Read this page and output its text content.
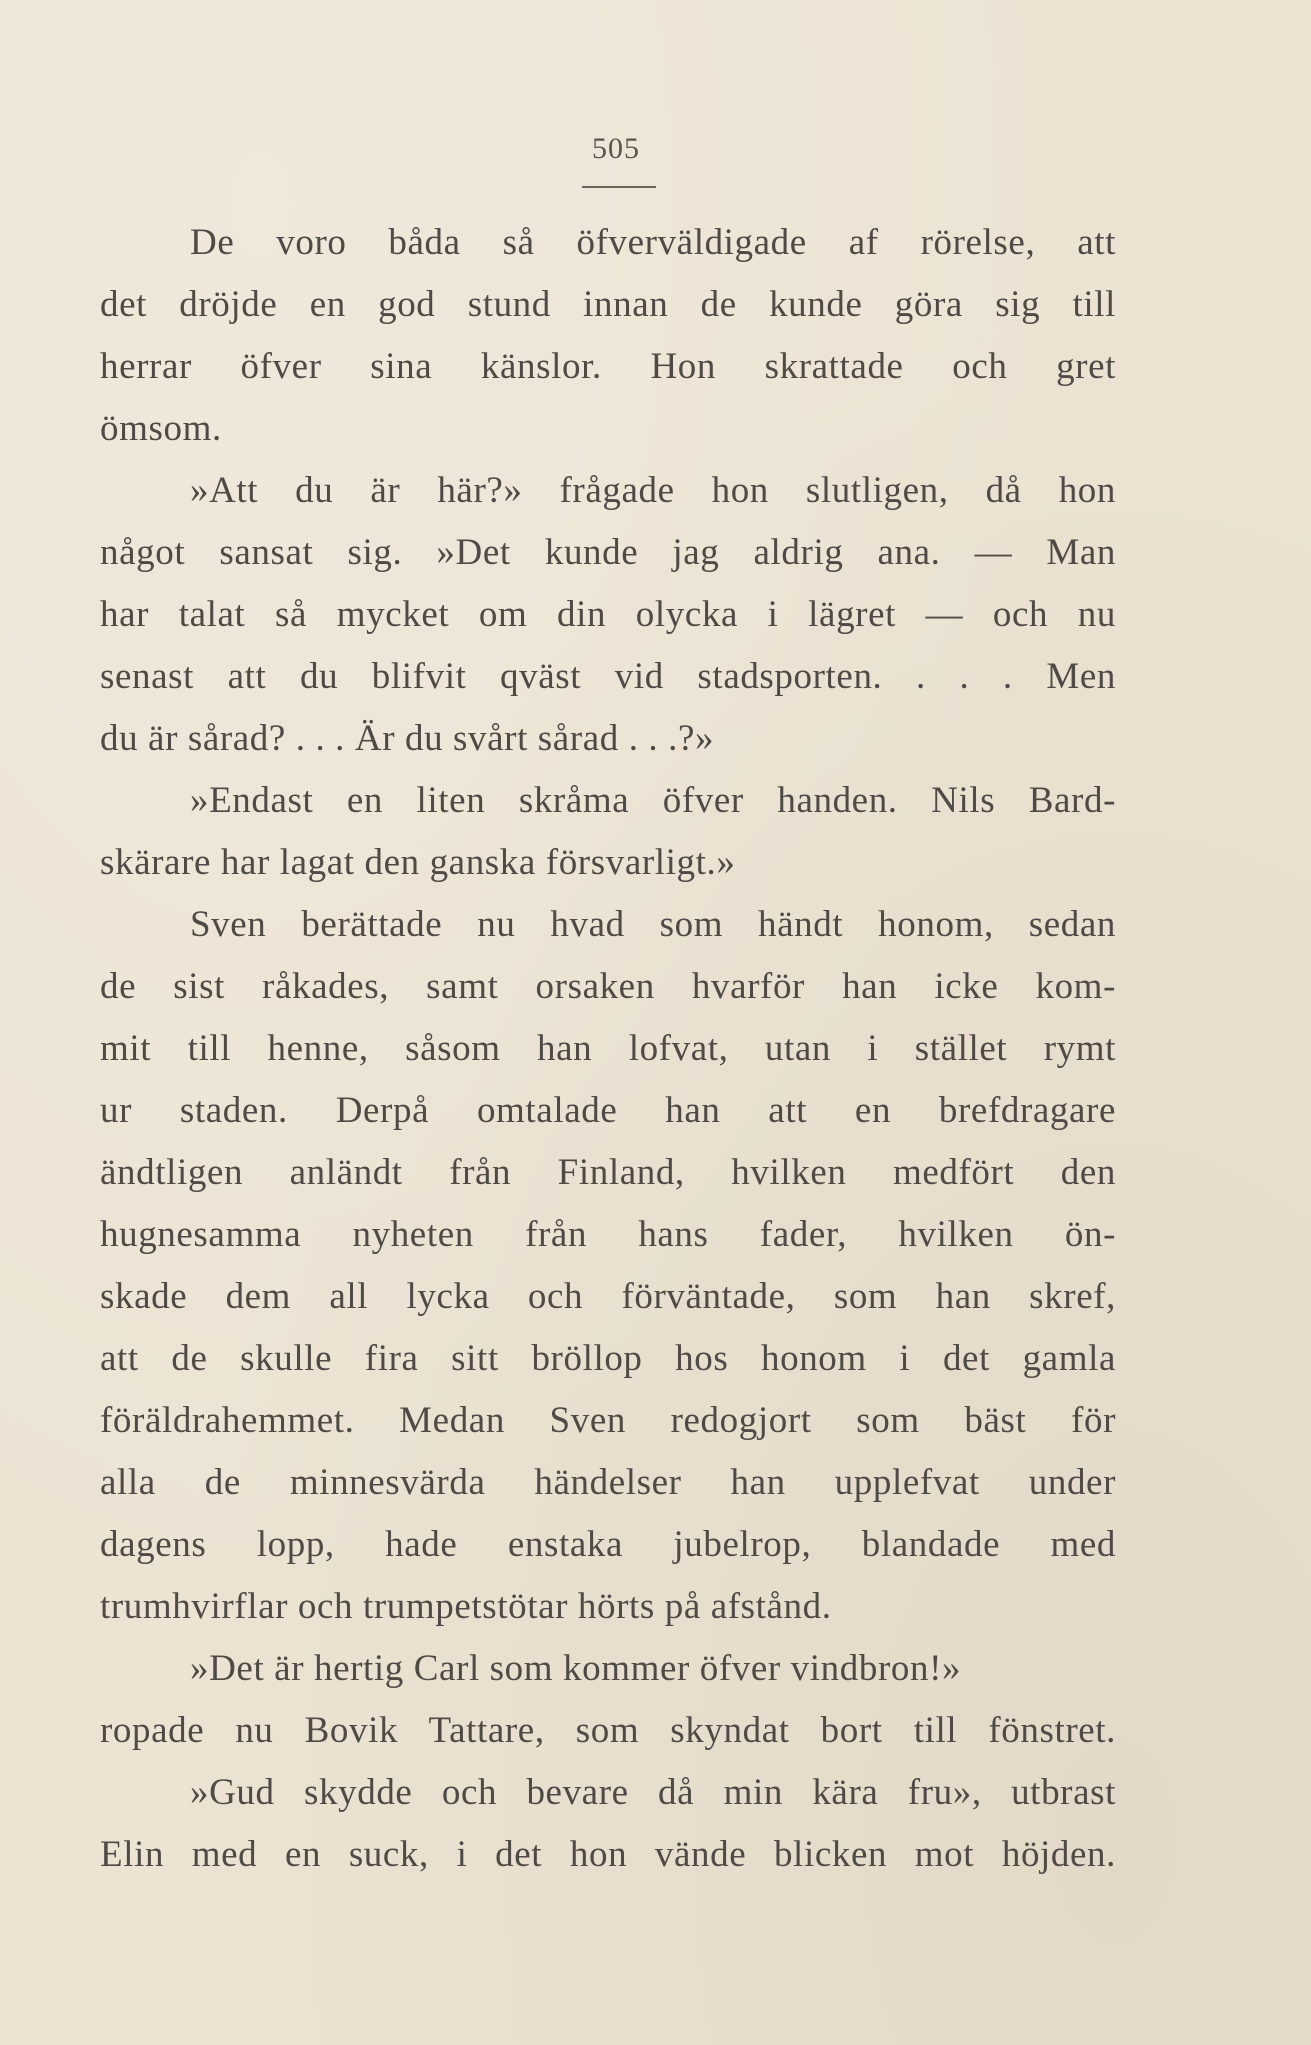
505
De voro båda så öfverväldigade af rörelse, att
det dröjde en god stund innan de kunde göra sig till
herrar öfver sina känslor. Hon skrattade och gret
ömsom.
»Att du är här?» frågade hon slutligen, då hon
något sansat sig. »Det kunde jag aldrig ana. — Man
har talat så mycket om din olycka i lägret — och nu
senast att du blifvit qväst vid stadsporten. . . . Men
du är sårad? . . . Är du svårt sårad . . .?»
»Endast en liten skråma öfver handen. Nils Bard-
skärare har lagat den ganska försvarligt.»
Sven berättade nu hvad som händt honom, sedan
de sist råkades, samt orsaken hvarför han icke kom-
mit till henne, såsom han lofvat, utan i stället rymt
ur staden. Derpå omtalade han att en brefdragare
ändtligen anländt från Finland, hvilken medfört den
hugnesamma nyheten från hans fader, hvilken ön-
skade dem all lycka och förväntade, som han skref,
att de skulle fira sitt bröllop hos honom i det gamla
föräldrahemmet. Medan Sven redogjort som bäst för
alla de minnesvärda händelser han upplefvat under
dagens lopp, hade enstaka jubelrop, blandade med
trumhvirflar och trumpetstötar hörts på afstånd.
»Det är hertig Carl som kommer öfver vindbron!»
ropade nu Bovik Tattare, som skyndat bort till fönstret.
»Gud skydde och bevare då min kära fru», utbrast
Elin med en suck, i det hon vände blicken mot höjden.
